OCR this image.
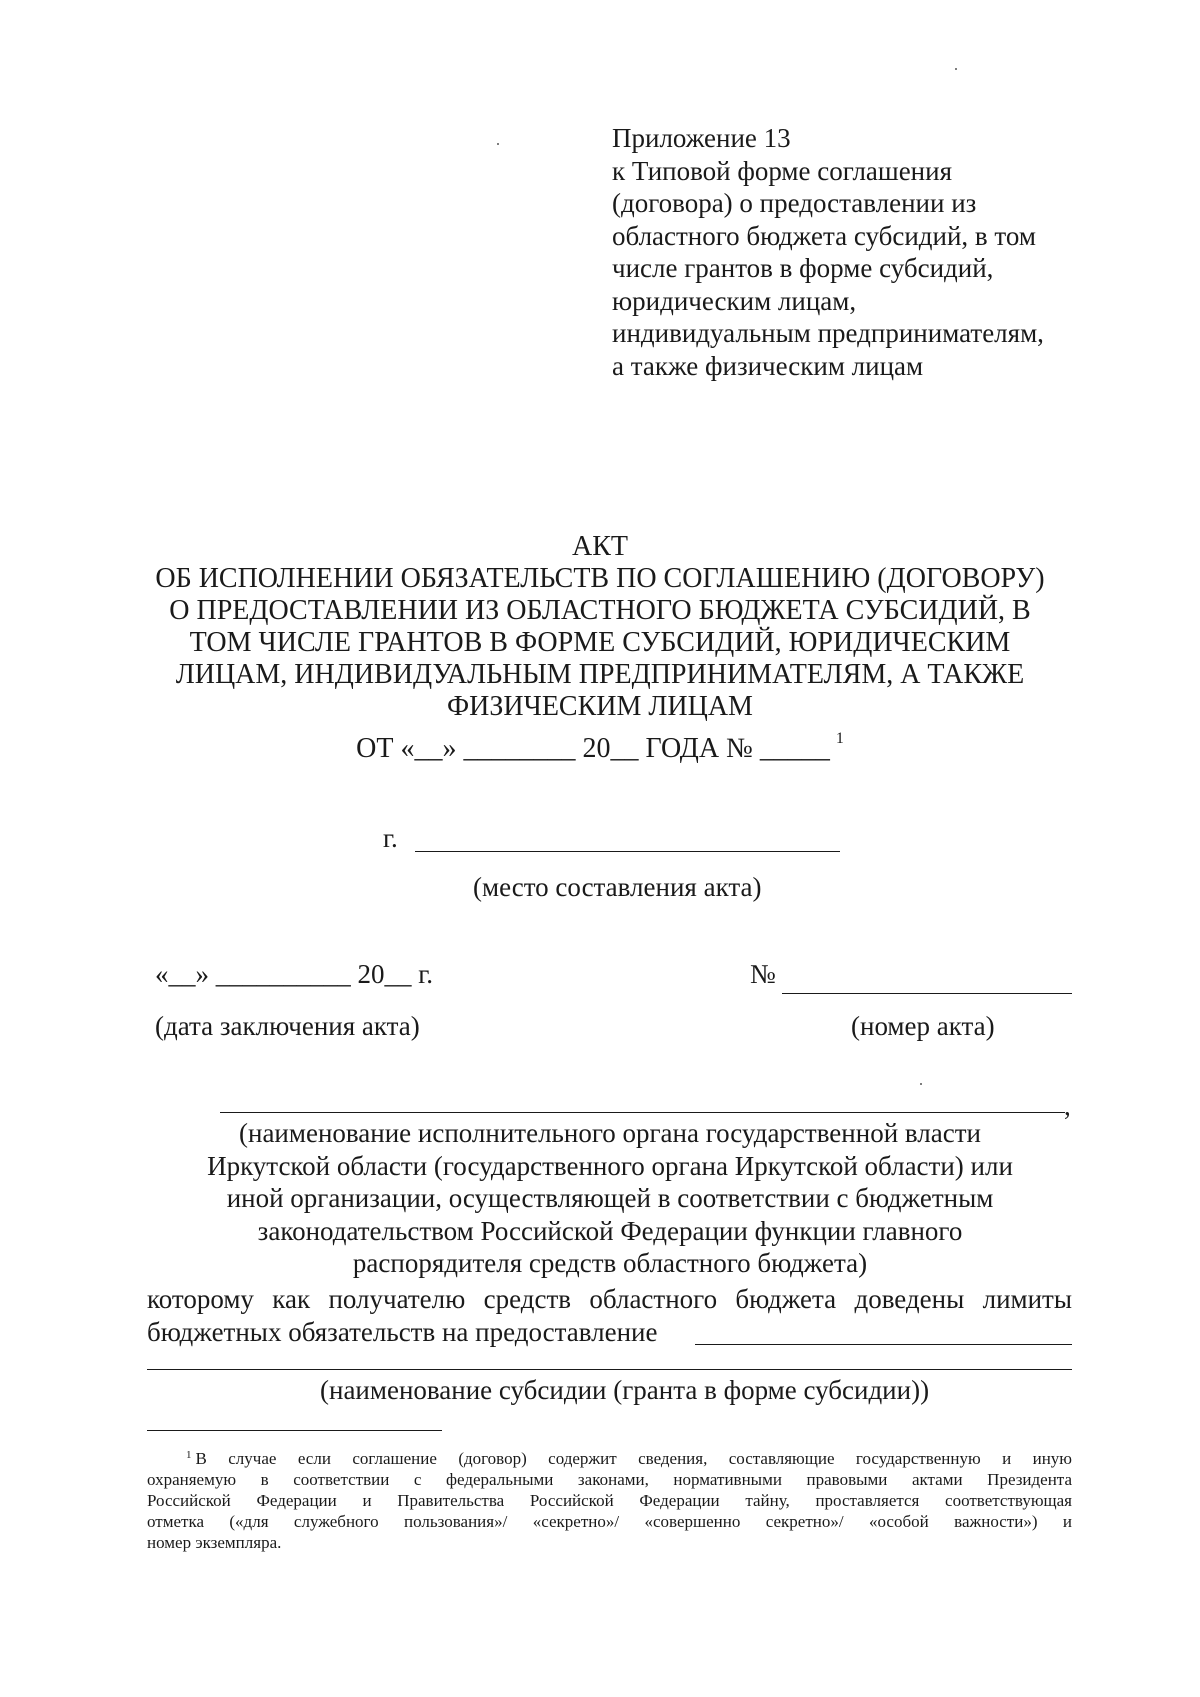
Приложение 13
к Типовой форме соглашения
(договора) о предоставлении из
областного бюджета субсидий, в том
числе грантов в форме субсидий,
юридическим лицам,
индивидуальным предпринимателям,
а также физическим лицам
АКТ
ОБ ИСПОЛНЕНИИ ОБЯЗАТЕЛЬСТВ ПО СОГЛАШЕНИЮ (ДОГОВОРУ)
О ПРЕДОСТАВЛЕНИИ ИЗ ОБЛАСТНОГО БЮДЖЕТА СУБСИДИЙ, В
ТОМ ЧИСЛЕ ГРАНТОВ В ФОРМЕ СУБСИДИЙ, ЮРИДИЧЕСКИМ
ЛИЦАМ, ИНДИВИДУАЛЬНЫМ ПРЕДПРИНИМАТЕЛЯМ, А ТАКЖЕ
ФИЗИЧЕСКИМ ЛИЦАМ
ОТ «__» ________ 20__ ГОДА № _____ $^1$
г.
(место составления акта)
«__» __________ 20__ г.
(дата заключения акта)
№
(номер акта)
,
(наименование исполнительного органа государственной власти
Иркутской области (государственного органа Иркутской области) или
иной организации, осуществляющей в соответствии с бюджетным
законодательством Российской Федерации функции главного
распорядителя средств областного бюджета)
которому как получателю средств областного бюджета доведены лимиты
бюджетных обязательств на предоставление
(наименование субсидии (гранта в форме субсидии))
$^1$ В случае если соглашение (договор) содержит сведения, составляющие государственную и иную
охраняемую в соответствии с федеральными законами, нормативными правовыми актами Президента
Российской Федерации и Правительства Российской Федерации тайну, проставляется соответствующая
отметка («для служебного пользования»/ «секретно»/ «совершенно секретно»/ «особой важности») и
номер экземпляра.
